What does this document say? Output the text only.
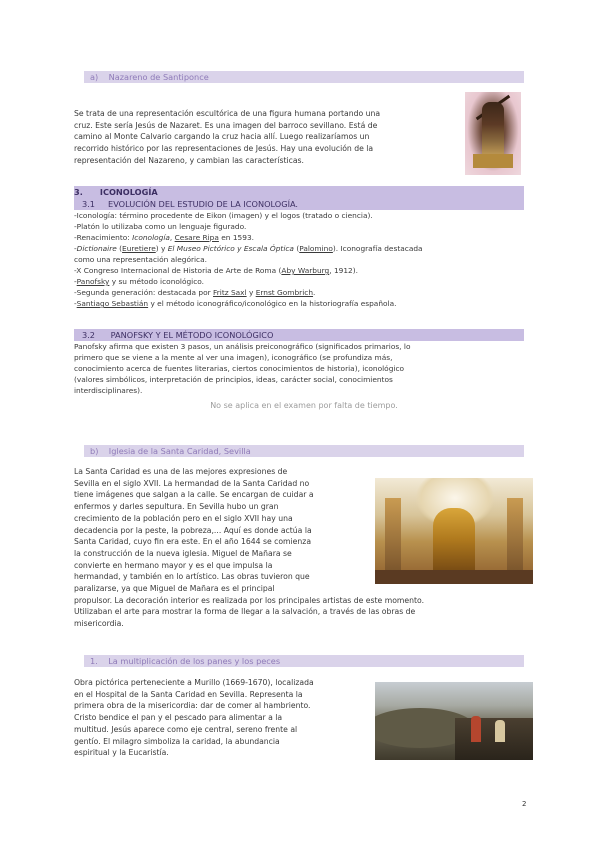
a)    Nazareno de Santiponce
Se trata de una representación escultórica de una figura humana portando una
cruz. Este sería Jesús de Nazaret. Es una imagen del barroco sevillano. Está de
camino al Monte Calvario cargando la cruz hacia allí. Luego realizaríamos un
recorrido histórico por las representaciones de Jesús. Hay una evolución de la
representación del Nazareno, y cambian las características.
3.      ICONOLOGÍA
3.1     EVOLUCIÓN DEL ESTUDIO DE LA ICONOLOGÍA.
-Iconología: término procedente de Eikon (imagen) y el logos (tratado o ciencia).
-Platón lo utilizaba como un lenguaje figurado.
-Renacimiento: Iconología, Cesare Ripa en 1593.
-Dictionaire (Euretiere) y El Museo Pictórico y Escala Óptica (Palomino). Iconografía destacada
como una representación alegórica.
-X Congreso Internacional de Historia de Arte de Roma (Aby Warburg, 1912).
-Panofsky y su método iconológico.
-Segunda generación: destacada por Fritz Saxl y Ernst Gombrich.
-Santiago Sebastián y el método iconográfico/iconológico en la historiografía española.
3.2      PANOFSKY Y EL MÉTODO ICONOLÓGICO
Panofsky afirma que existen 3 pasos, un análisis preiconográfico (significados primarios, lo
primero que se viene a la mente al ver una imagen), iconográfico (se profundiza más,
conocimiento acerca de fuentes literarias, ciertos conocimientos de historia), iconológico
(valores simbólicos, interpretación de principios, ideas, carácter social, conocimientos
interdisciplinares).
No se aplica en el examen por falta de tiempo.
b)    Iglesia de la Santa Caridad, Sevilla
La Santa Caridad es una de las mejores expresiones de
Sevilla en el siglo XVII. La hermandad de la Santa Caridad no
tiene imágenes que salgan a la calle. Se encargan de cuidar a
enfermos y darles sepultura. En Sevilla hubo un gran
crecimiento de la población pero en el siglo XVII hay una
decadencia por la peste, la pobreza,... Aquí es donde actúa la
Santa Caridad, cuyo fin era este. En el año 1644 se comienza
la construcción de la nueva iglesia. Miguel de Mañara se
convierte en hermano mayor y es el que impulsa la
hermandad, y también en lo artístico. Las obras tuvieron que
paralizarse, ya que Miguel de Mañara es el principal
propulsor. La decoración interior es realizada por los principales artistas de este momento.
Utilizaban el arte para mostrar la forma de llegar a la salvación, a través de las obras de
misericordia.
1.    La multiplicación de los panes y los peces
Obra pictórica perteneciente a Murillo (1669-1670), localizada
en el Hospital de la Santa Caridad en Sevilla. Representa la
primera obra de la misericordia: dar de comer al hambriento.
Cristo bendice el pan y el pescado para alimentar a la
multitud. Jesús aparece como eje central, sereno frente al
gentío. El milagro simboliza la caridad, la abundancia
espiritual y la Eucaristía.
2
